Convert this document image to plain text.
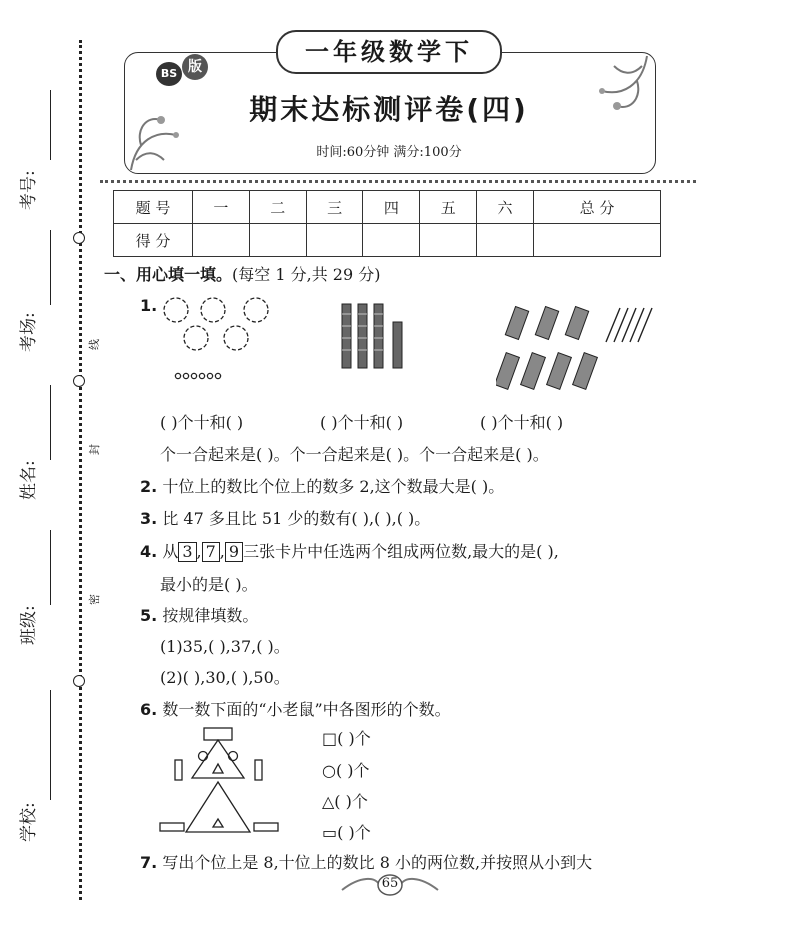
线
封
密
考号:
考场:
姓名:
班级:
学校:
一年级数学下
BS 版
期末达标测评卷(四)
时间:60分钟 满分:100分
题 号	一	二	三	四	五	六	总 分
得 分							
一、用心填一填。(每空 1 分,共 29 分)
1.
( )个十和( )	( )个十和( )	( )个十和( )
个一合起来是( )。个一合起来是( )。个一合起来是( )。
2. 十位上的数比个位上的数多 2,这个数最大是( )。
3. 比 47 多且比 51 少的数有( ),( ),( )。
4. 从 3 , 7 , 9 三张卡片中任选两个组成两位数,最大的是( ),
最小的是( )。
5. 按规律填数。
(1)35,( ),37,( )。
(2)( ),30,( ),50。
6. 数一数下面的“小老鼠”中各图形的个数。
□( )个
○( )个
△( )个
▭( )个
7. 写出个位上是 8,十位上的数比 8 小的两位数,并按照从小到大
65
